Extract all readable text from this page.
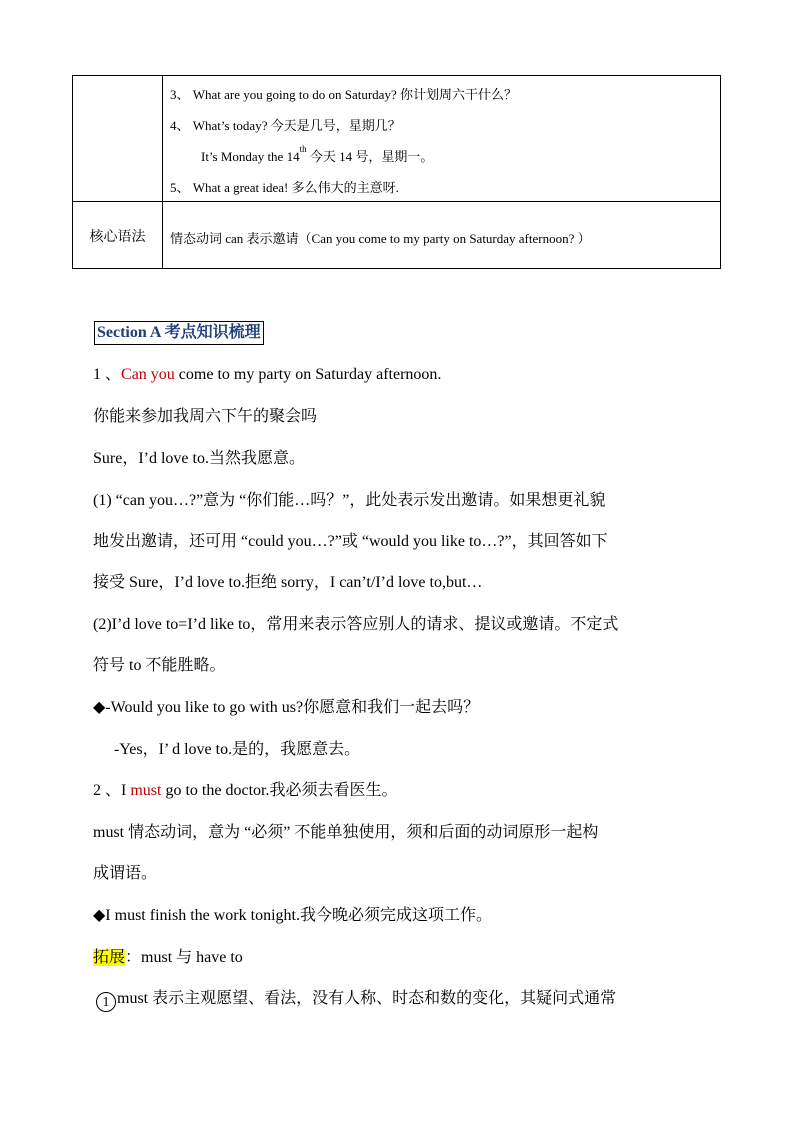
3、 What are you going to do on Saturday? 你计划周六干什么？
4、 What’s today? 今天是几号，星期几？
It’s Monday the 14th 今天 14 号，星期一。
5、 What a great idea! 多么伟大的主意呀.
核心语法	情态动词 can 表示邀请（Can you come to my party on Saturday afternoon? ）
Section A 考点知识梳理
1 、Can you come to my party on Saturday afternoon.
你能来参加我周六下午的聚会吗
Sure，I’d love to.当然我愿意。
(1) “can you…?”意为 “你们能…吗？”，此处表示发出邀请。如果想更礼貌
地发出邀请，还可用 “could you…?”或 “would you like to…?”，其回答如下
接受 Sure，I’d love to.拒绝 sorry，I can’t/I’d love to,but…
(2)I’d love to=I’d like to，常用来表示答应别人的请求、提议或邀请。不定式
符号 to 不能胜略。
◆-Would you like to go with us?你愿意和我们一起去吗？
-Yes，I’ d love to.是的，我愿意去。
2 、I must go to the doctor.我必须去看医生。
must 情态动词，意为 “必须” 不能单独使用，须和后面的动词原形一起构
成谓语。
◆I must finish the work tonight.我今晚必须完成这项工作。
拓展：must 与 have to
1 must 表示主观愿望、看法，没有人称、时态和数的变化，其疑问式通常
